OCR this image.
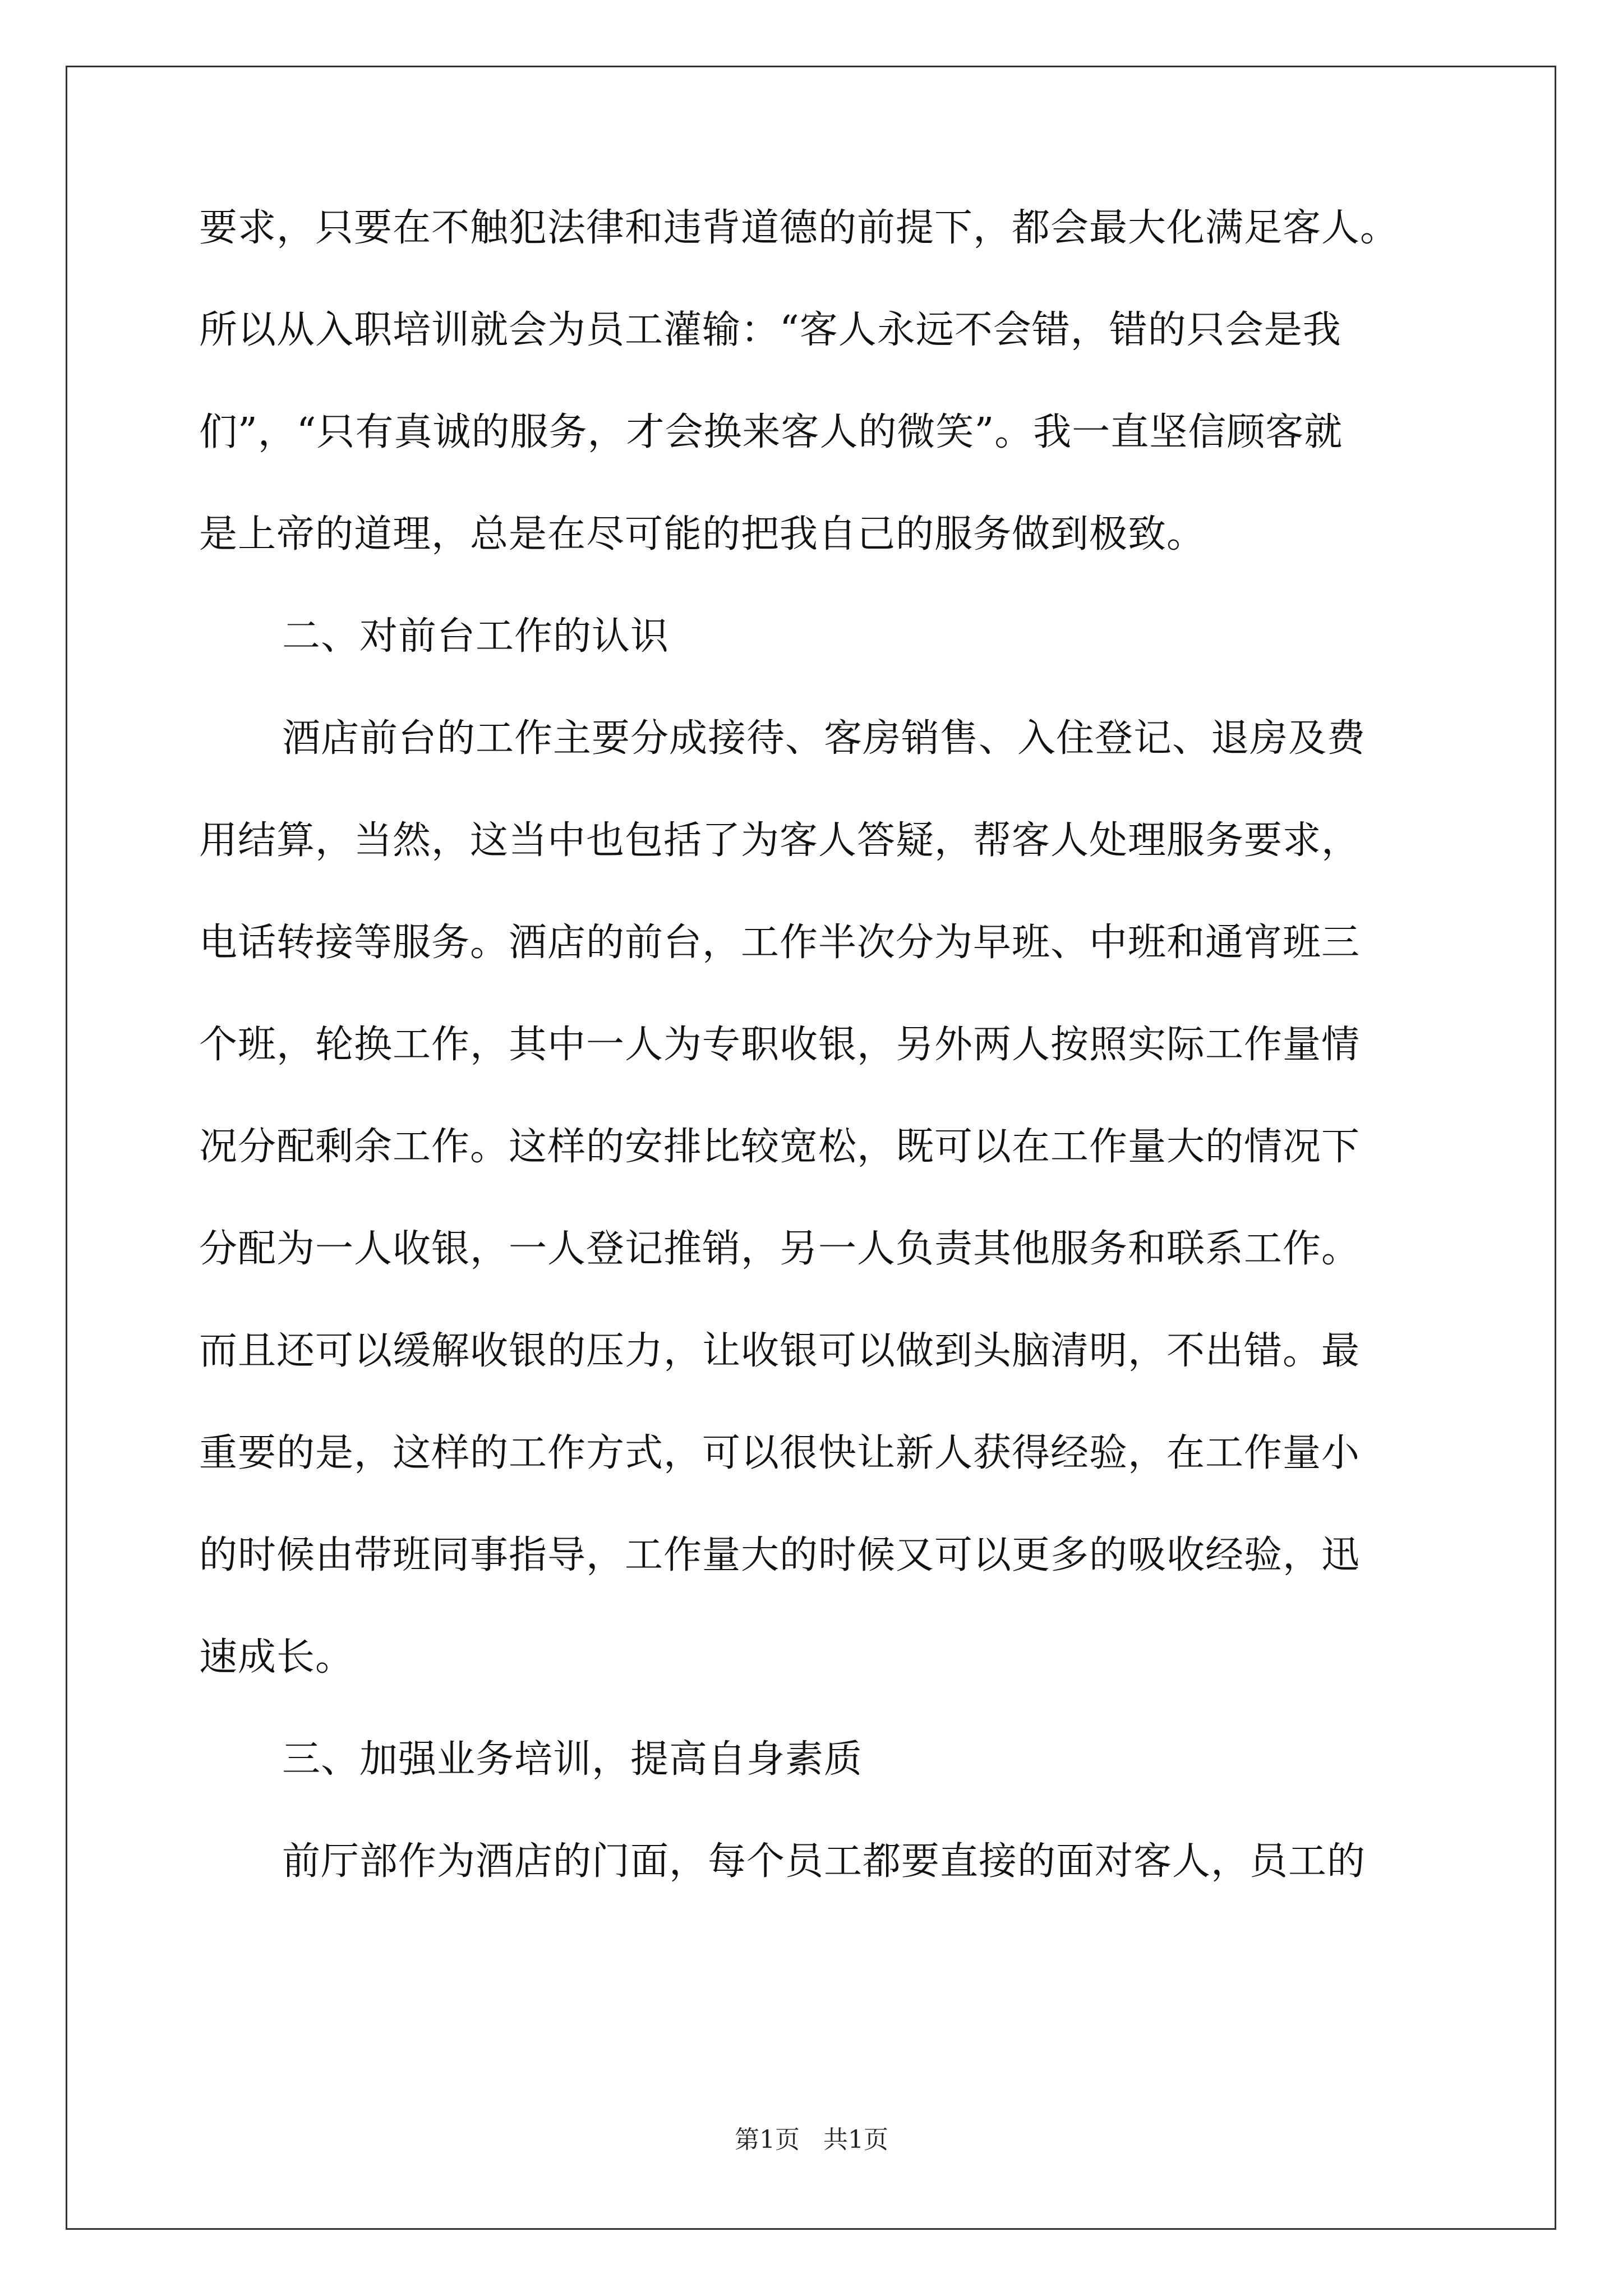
要求，只要在不触犯法律和违背道德的前提下，都会最大化满足客人。
所以从入职培训就会为员工灌输：“客人永远不会错，错的只会是我
们”，“只有真诚的服务，才会换来客人的微笑”。我一直坚信顾客就
是上帝的道理，总是在尽可能的把我自己的服务做到极致。
二、对前台工作的认识
酒店前台的工作主要分成接待、客房销售、入住登记、退房及费
用结算，当然，这当中也包括了为客人答疑，帮客人处理服务要求，
电话转接等服务。酒店的前台，工作半次分为早班、中班和通宵班三
个班，轮换工作，其中一人为专职收银，另外两人按照实际工作量情
况分配剩余工作。这样的安排比较宽松，既可以在工作量大的情况下
分配为一人收银，一人登记推销，另一人负责其他服务和联系工作。
而且还可以缓解收银的压力，让收银可以做到头脑清明，不出错。最
重要的是，这样的工作方式，可以很快让新人获得经验，在工作量小
的时候由带班同事指导，工作量大的时候又可以更多的吸收经验，迅
速成长。
三、加强业务培训，提高自身素质
前厅部作为酒店的门面，每个员工都要直接的面对客人，员工的
第1页 共1页
